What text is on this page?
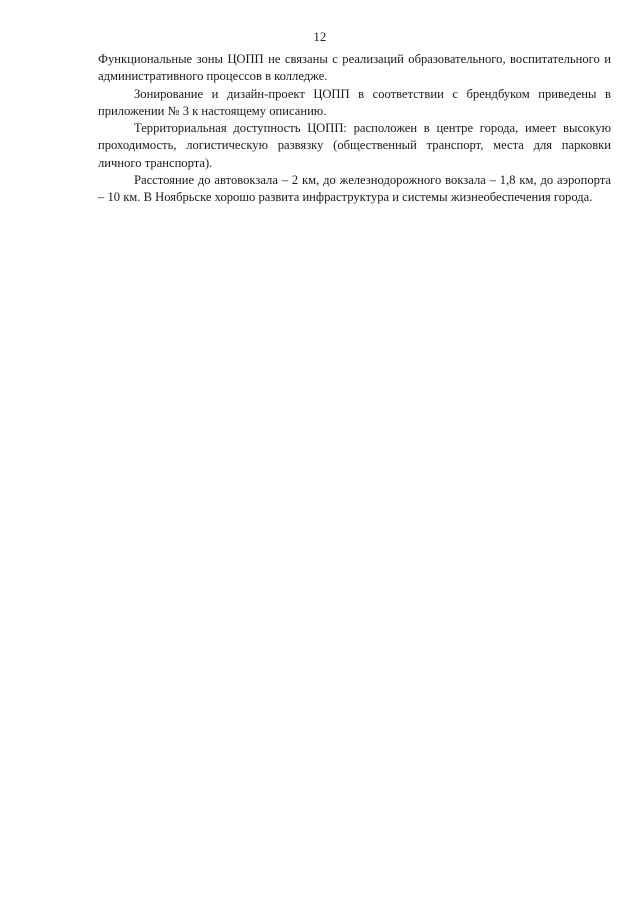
12

Функциональные зоны ЦОПП не связаны с реализаций образовательного, воспитательного и административного процессов в колледже.

Зонирование и дизайн-проект ЦОПП в соответствии с брендбуком приведены в приложении № 3 к настоящему описанию.

Территориальная доступность ЦОПП: расположен в центре города, имеет высокую проходимость, логистическую развязку (общественный транспорт, места для парковки личного транспорта).

Расстояние до автовокзала – 2 км, до железнодорожного вокзала – 1,8 км, до аэропорта – 10 км. В Ноябрьске хорошо развита инфраструктура и системы жизнеобеспечения города.
